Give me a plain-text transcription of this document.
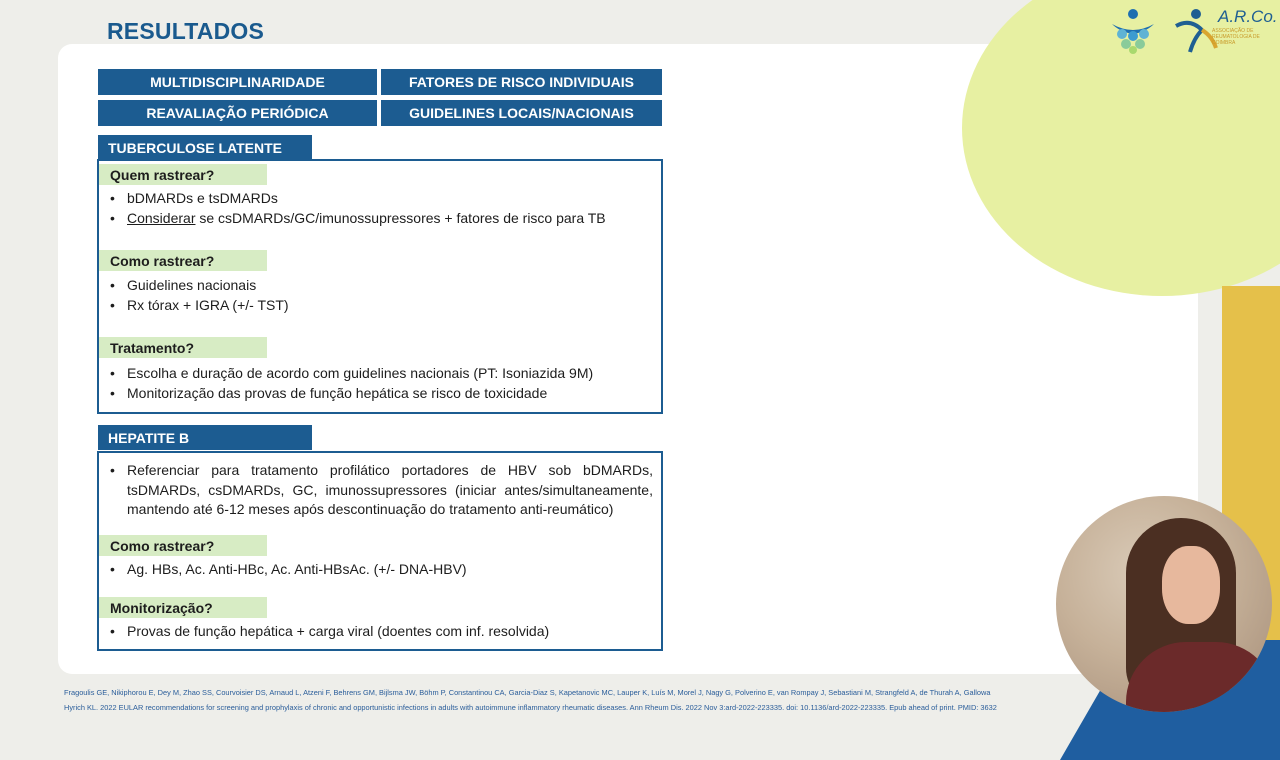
RESULTADOS
A.R.Co.
ASSOCIAÇÃO DE REUMATOLOGIA DE COIMBRA
MULTIDISCIPLINARIDADE	FATORES DE RISCO INDIVIDUAIS
REAVALIAÇÃO PERIÓDICA	GUIDELINES LOCAIS/NACIONAIS
TUBERCULOSE LATENTE
Quem rastrear?
• bDMARDs e tsDMARDs
• Considerar se csDMARDs/GC/imunossupressores + fatores de risco para TB
Como rastrear?
• Guidelines nacionais
• Rx tórax + IGRA (+/- TST)
Tratamento?
• Escolha e duração de acordo com guidelines nacionais (PT: Isoniazida 9M)
• Monitorização das provas de função hepática se risco de toxicidade
HEPATITE B
• Referenciar para tratamento profilático portadores de HBV sob bDMARDs, tsDMARDs, csDMARDs, GC, imunossupressores (iniciar antes/simultaneamente, mantendo até 6-12 meses após descontinuação do tratamento anti-reumático)
Como rastrear?
• Ag. HBs, Ac. Anti-HBc, Ac. Anti-HBsAc. (+/- DNA-HBV)
Monitorização?
• Provas de função hepática + carga viral (doentes com inf. resolvida)
Fragoulis GE, Nikiphorou E, Dey M, Zhao SS, Courvoisier DS, Arnaud L, Atzeni F, Behrens GM, Bijlsma JW, Böhm P, Constantinou CA, Garcia-Diaz S, Kapetanovic MC, Lauper K, Luís M, Morel J, Nagy G, Polverino E, van Rompay J, Sebastiani M, Strangfeld A, de Thurah A, Gallowa
Hyrich KL. 2022 EULAR recommendations for screening and prophylaxis of chronic and opportunistic infections in adults with autoimmune inflammatory rheumatic diseases. Ann Rheum Dis. 2022 Nov 3:ard-2022-223335. doi: 10.1136/ard-2022-223335. Epub ahead of print. PMID: 3632
